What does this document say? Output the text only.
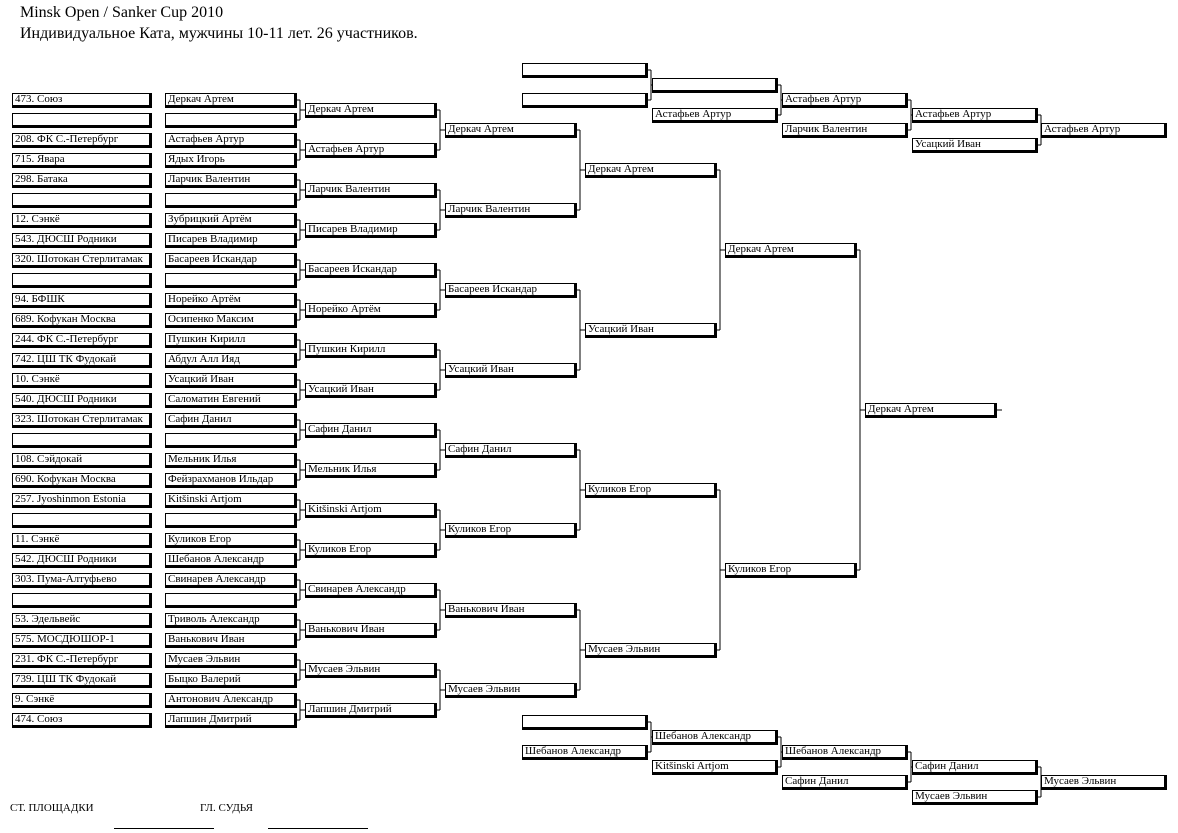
Minsk Open / Sanker Cup 2010
Индивидуальное Ката, мужчины 10-11 лет. 26 участников.
473. Союз	Деркач Артем
208. ФК С.-Петербург	Астафьев Артур
715. Явара	Ядых Игорь
298. Батака	Ларчик Валентин
12. Сэнкё	Зубрицкий Артём
543. ДЮСШ Родники	Писарев Владимир
320. Шотокан Стерлитамак	Басареев Искандар
94. БФШК	Норейко Артём
689. Кофукан Москва	Осипенко Максим
244. ФК С.-Петербург	Пушкин Кирилл
742. ЦШ ТК Фудокай	Абдул Алл Ияд
10. Сэнкё	Усацкий Иван
540. ДЮСШ Родники	Саломатин Евгений
323. Шотокан Стерлитамак	Сафин Данил
108. Сэйдокай	Мельник Илья
690. Кофукан Москва	Фейзрахманов Ильдар
257. Jyoshinmon Estonia	Kitšinski Artjom
11. Сэнкё	Куликов Егор
542. ДЮСШ Родники	Шебанов Александр
303. Пума-Алтуфьево	Свинарев Александр
53. Эдельвейс	Триволь Александр
575. МОСДЮШОР-1	Ванькович Иван
231. ФК С.-Петербург	Мусаев Эльвин
739. ЦШ ТК Фудокай	Быцко Валерий
9. Сэнкё	Антонович Александр
474. Союз	Лапшин Дмитрий
Деркач Артем
Астафьев Артур
Ларчик Валентин
Писарев Владимир
Басареев Искандар
Норейко Артём
Пушкин Кирилл
Усацкий Иван
Сафин Данил
Мельник Илья
Kitšinski Artjom
Куликов Егор
Свинарев Александр
Ванькович Иван
Мусаев Эльвин
Лапшин Дмитрий
Деркач Артем
Ларчик Валентин
Басареев Искандар
Усацкий Иван
Сафин Данил
Куликов Егор
Ванькович Иван
Мусаев Эльвин
Деркач Артем
Усацкий Иван
Куликов Егор
Мусаев Эльвин
Деркач Артем
Куликов Егор
Деркач Артем
Астафьев Артур
Астафьев Артур
Ларчик Валентин
Астафьев Артур
Усацкий Иван
Астафьев Артур
Шебанов Александр
Шебанов Александр
Kitšinski Artjom
Шебанов Александр
Сафин Данил
Сафин Данил
Мусаев Эльвин
Мусаев Эльвин
СТ. ПЛОЩАДКИ	ГЛ. СУДЬЯ
